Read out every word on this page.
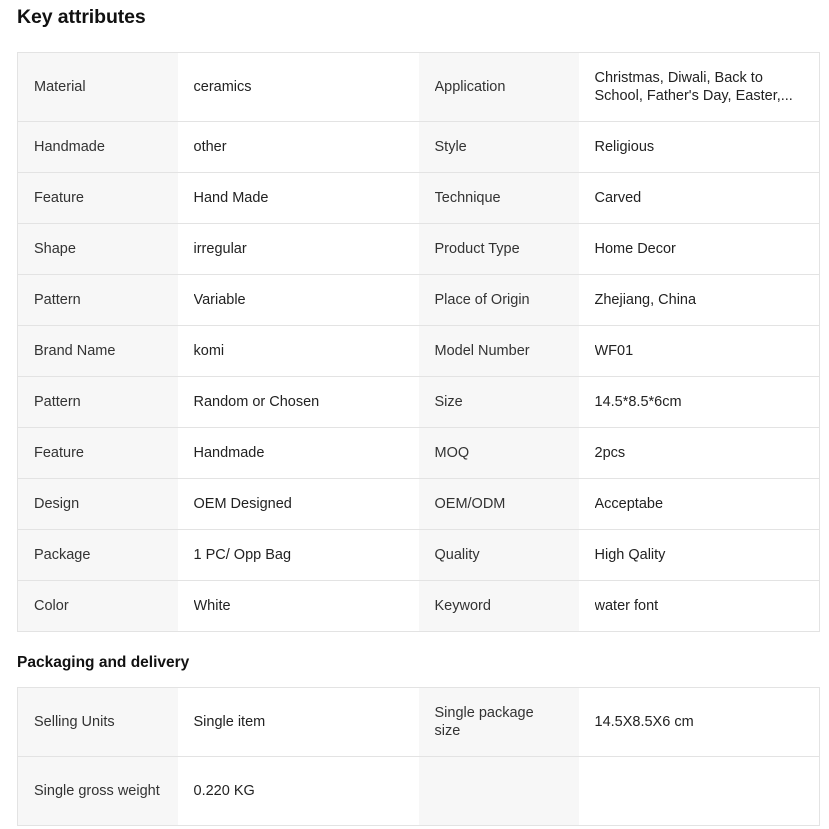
Key attributes
Material	ceramics	Application	Christmas, Diwali, Back to School, Father's Day, Easter,...

Handmade	other	Style	Religious

Feature	Hand Made	Technique	Carved

Shape	irregular	Product Type	Home Decor

Pattern	Variable	Place of Origin	Zhejiang, China

Brand Name	komi	Model Number	WF01

Pattern	Random or Chosen	Size	14.5*8.5*6cm

Feature	Handmade	MOQ	2pcs

Design	OEM Designed	OEM/ODM	Acceptabe

Package	1 PC/ Opp Bag	Quality	High Qality

Color	White	Keyword	water font
Packaging and delivery
Selling Units	Single item	Single package size	14.5X8.5X6 cm

Single gross weight	0.220 KG		
